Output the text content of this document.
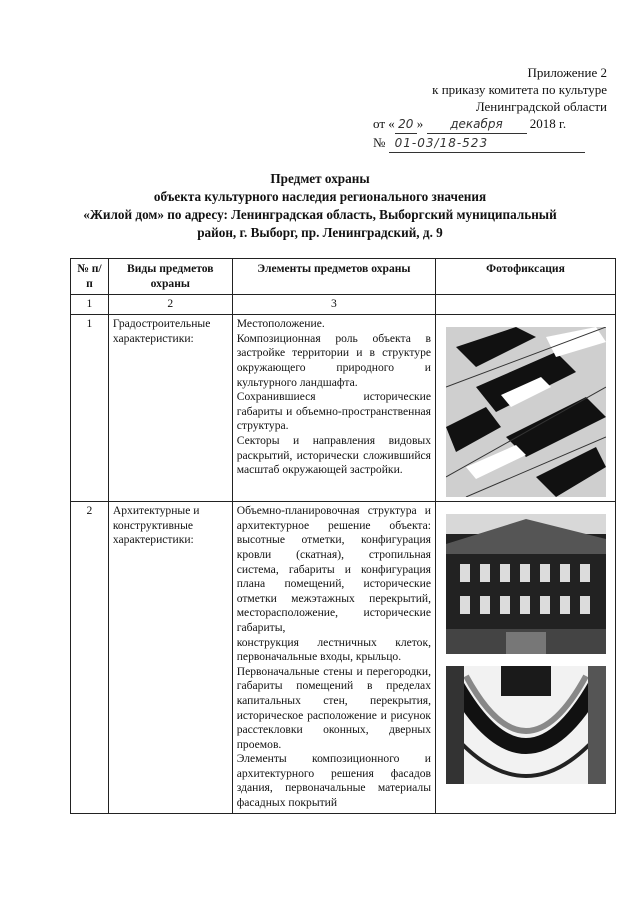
Приложение 2
к приказу комитета по культуре
Ленинградской области
от « 20 » декабря 2018 г.
№ 01-03/18-523
Предмет охраны
объекта культурного наследия регионального значения
«Жилой дом» по адресу: Ленинградская область, Выборгский муниципальный
район, г. Выборг, пр. Ленинградский, д. 9
№ п/п	Виды предметов охраны	Элементы предметов охраны	Фотофиксация
1	2	3	
1	Градостроительные характеристики:	Местоположение.

Композиционная роль объекта в застройке территории и в структуре окружающего природного и культурного ландшафта.

Сохранившиеся исторические габариты и объемно-пространственная структура.

Секторы и направления видовых раскрытий, исторически сложившийся масштаб окружающей застройки.

2	Архитектурные и конструктивные характеристики:	Объемно-планировочная структура и архитектурное решение объекта: высотные отметки, конфигурация кровли (скатная), стропильная система, габариты и конфигурация плана помещений, исторические отметки межэтажных перекрытий, месторасположение, исторические габариты,

конструкция лестничных клеток, первоначальные входы, крыльцо.

Первоначальные стены и перегородки, габариты помещений в пределах капитальных стен, перекрытия, историческое расположение и рисунок расстекловки оконных, дверных проемов.

Элементы композиционного и архитектурного решения фасадов здания, первоначальные материалы фасадных покрытий
